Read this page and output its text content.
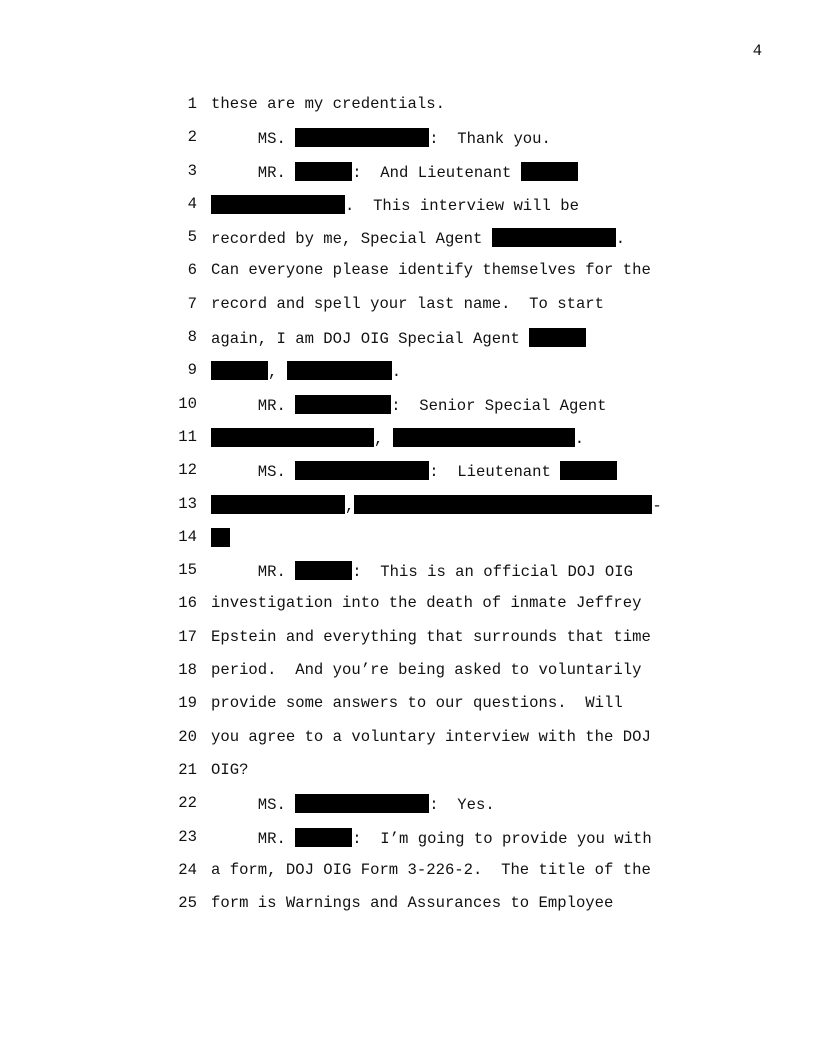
4

1

these are my credentials.

2

MS.	:  Thank you.

3

MR.	:  And Lieutenant

4

	.  This interview will be

5

recorded by me, Special Agent	.

6

Can everyone please identify themselves for the

7

record and spell your last name.  To start

8

again, I am DOJ OIG Special Agent

9

	,	.

10

MR.	:  Senior Special Agent

11

	,	.

12

MS.	:  Lieutenant

13

	,	-

14

15

MR.	:  This is an official DOJ OIG

16

investigation into the death of inmate Jeffrey

17

Epstein and everything that surrounds that time

18

period.  And you’re being asked to voluntarily

19

provide some answers to our questions.  Will

20

you agree to a voluntary interview with the DOJ

21

OIG?

22

MS.	:  Yes.

23

MR.	:  I’m going to provide you with

24

a form, DOJ OIG Form 3-226-2.  The title of the

25

form is Warnings and Assurances to Employee
